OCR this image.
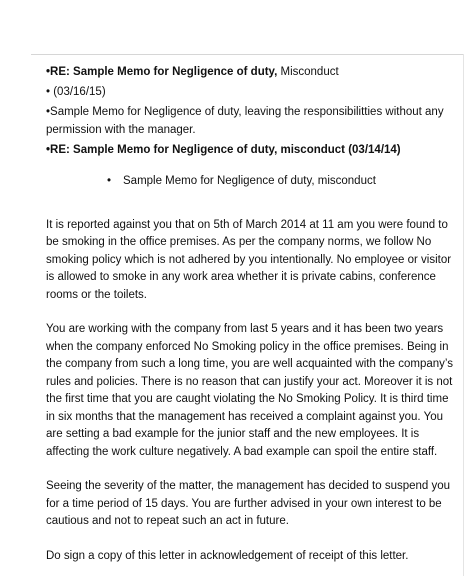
•RE: Sample Memo for Negligence of duty, Misconduct

• (03/16/15)

•Sample Memo for Negligence of duty, leaving the responsibilitties without any permission with the manager.

•RE: Sample Memo for Negligence of duty, misconduct (03/14/14)

• Sample Memo for Negligence of duty, misconduct

It is reported against you that on 5th of March 2014 at 11 am you were found to be smoking in the office premises. As per the company norms, we follow No smoking policy which is not adhered by you intentionally. No employee or visitor is allowed to smoke in any work area whether it is private cabins, conference rooms or the toilets.

You are working with the company from last 5 years and it has been two years when the company enforced No Smoking policy in the office premises. Being in the company from such a long time, you are well acquainted with the company’s rules and policies. There is no reason that can justify your act. Moreover it is not the first time that you are caught violating the No Smoking Policy. It is third time in six months that the management has received a complaint against you. You are setting a bad example for the junior staff and the new employees. It is affecting the work culture negatively. A bad example can spoil the entire staff.

Seeing the severity of the matter, the management has decided to suspend you for a time period of 15 days. You are further advised in your own interest to be cautious and not to repeat such an act in future.

Do sign a copy of this letter in acknowledgement of receipt of this letter.
